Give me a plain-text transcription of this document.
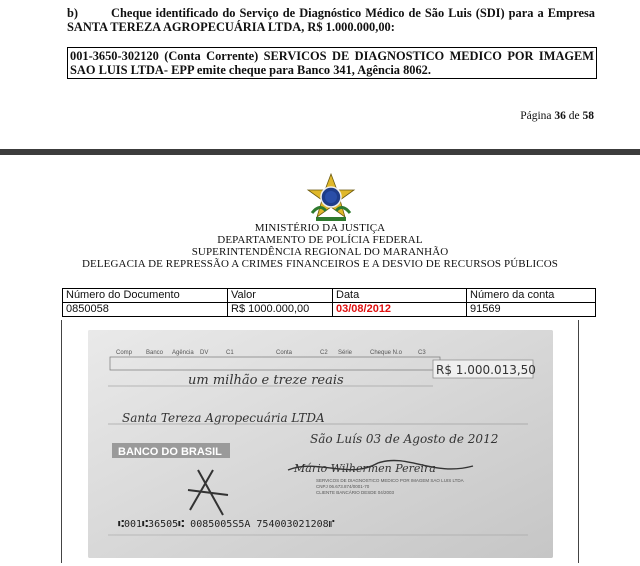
b)	Cheque identificado do Serviço de Diagnóstico Médico de São Luis (SDI) para a Empresa SANTA TEREZA AGROPECUÁRIA LTDA, R$ 1.000.000,00:
001-3650-302120 (Conta Corrente) SERVICOS DE DIAGNOSTICO MEDICO POR IMAGEM SAO LUIS LTDA- EPP emite cheque para Banco 341, Agência 8062.
Página 36 de 58
MINISTÉRIO DA JUSTIÇA
DEPARTAMENTO DE POLÍCIA FEDERAL
SUPERINTENDÊNCIA REGIONAL DO MARANHÃO
DELEGACIA DE REPRESSÃO A CRIMES FINANCEIROS E A DESVIO DE RECURSOS PÚBLICOS
Número do Documento	Valor	Data	Número da conta
0850058	R$ 1000.000,00	03/08/2012	91569
Comp Banco Agência DV	C1	Conta	C2 Série	Cheque N.o	C3
R$ 1.000.013,50
um milhão e treze reais
Santa Tereza Agropecuária LTDA
São Luís 03 de Agosto de 2012
BANCO DO BRASIL
Mário Wilhermen Pereira
SERVICOS DE DIAGNOSTICO MEDICO POR IMAGEM SAO LUIS LTDA
CNPJ 06.673.874/0001-70
CLIENTE BANCÁRIO DESDE 04/2003
⑆001⑆36505⑆ 0085005S5A 754003021208⑈
